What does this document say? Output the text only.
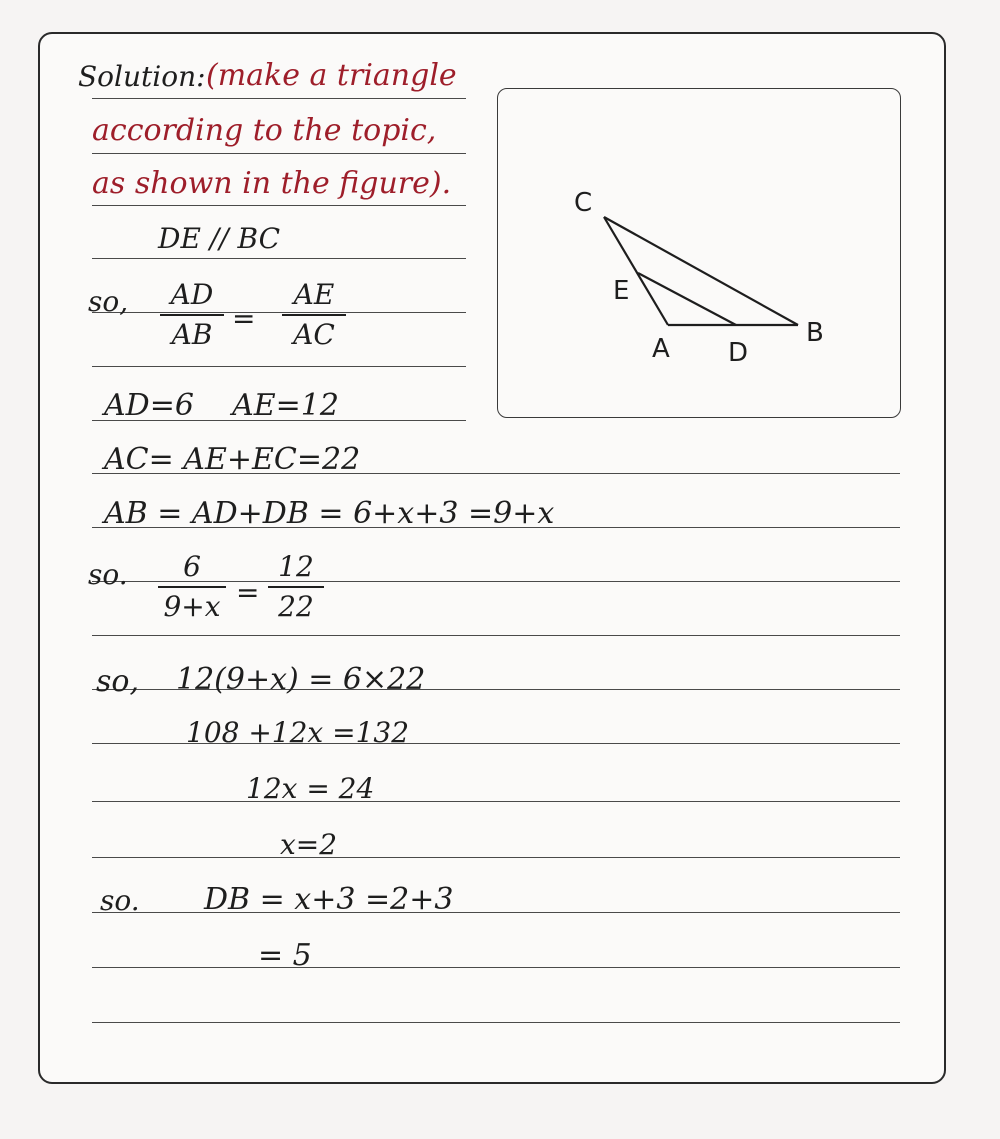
Solution: (make a triangle
according to the topic,
as shown in the figure).
DE // BC
so,	AD
AB =
AE
AC
AD=6    AE=12
AC= AE+EC=22
AB = AD+DB = 6+x+3 =9+x
so.	6
9+x =
12
22
so, 12(9+x) = 6×22
108 +12x =132
12x = 24
x=2
so. DB = x+3 =2+3
= 5
C
E
A D
B
